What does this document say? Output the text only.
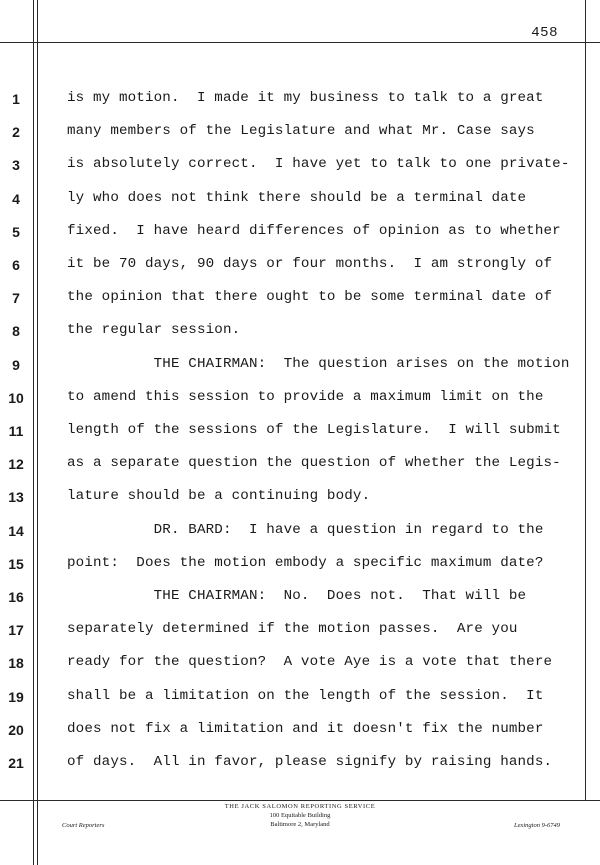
458
1	is my motion.  I made it my business to talk to a great
2	many members of the Legislature and what Mr. Case says
3	is absolutely correct.  I have yet to talk to one private-
4	ly who does not think there should be a terminal date
5	fixed.  I have heard differences of opinion as to whether
6	it be 70 days, 90 days or four months.  I am strongly of
7	the opinion that there ought to be some terminal date of
8	the regular session.
9	THE CHAIRMAN:  The question arises on the motion
10	to amend this session to provide a maximum limit on the
11	length of the sessions of the Legislature.  I will submit
12	as a separate question the question of whether the Legis-
13	lature should be a continuing body.
14	DR. BARD:  I have a question in regard to the
15	point:  Does the motion embody a specific maximum date?
16	THE CHAIRMAN:  No.  Does not.  That will be
17	separately determined if the motion passes.  Are you
18	ready for the question?  A vote Aye is a vote that there
19	shall be a limitation on the length of the session.  It
20	does not fix a limitation and it doesn't fix the number
21	of days.  All in favor, please signify by raising hands.
THE JACK SALOMON REPORTING SERVICE
100 Equitable Building
Baltimore 2, Maryland
Court Reporters	Lexington 9-6749
